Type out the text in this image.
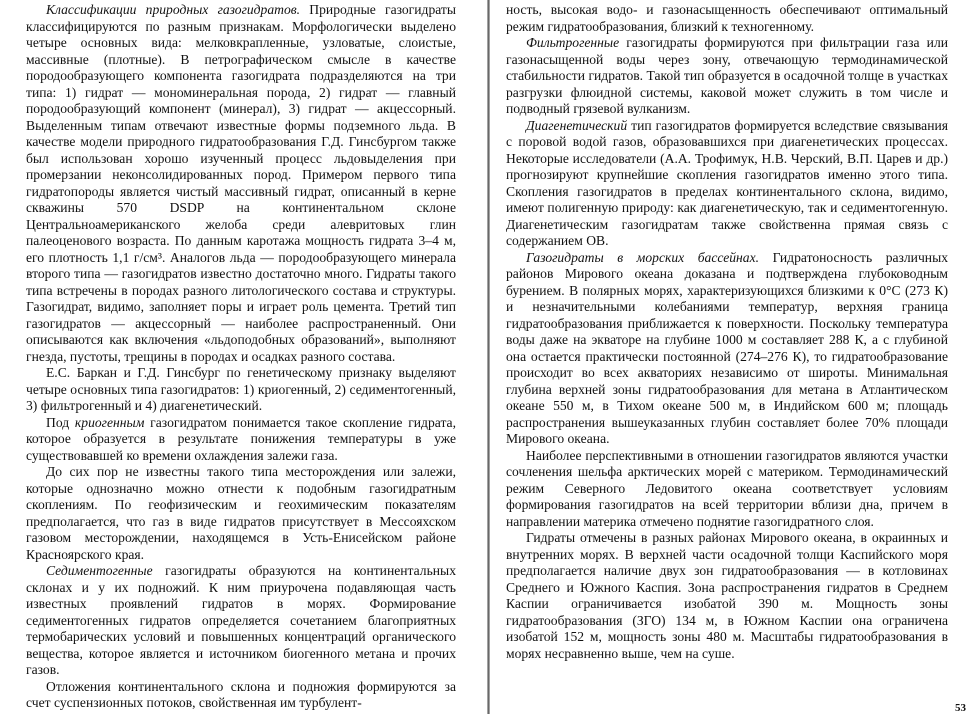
Классификации природных газогидратов. Природные газогидраты классифицируются по разным признакам. Морфологически выделено четыре основных вида: мелковкрапленные, узловатые, слоистые, массивные (плотные). В петрографическом смысле в качестве породообразующего компонента газогидрата подразделяются на три типа: 1) гидрат — мономинеральная порода, 2) гидрат — главный породообразующий компонент (минерал), 3) гидрат — акцессорный. Выделенным типам отвечают известные формы подземного льда. В качестве модели природного гидратообразования Г.Д. Гинсбургом также был использован хорошо изученный процесс льдовыделения при промерзании неконсолидированных пород. Примером первого типа гидратопороды является чистый массивный гидрат, описанный в керне скважины 570 DSDP на континентальном склоне Центральноамериканского желоба среди алевритовых глин палеоценового возраста. По данным каротажа мощность гидрата 3–4 м, его плотность 1,1 г/см³. Аналогов льда — породообразующего минерала второго типа — газогидратов известно достаточно много. Гидраты такого типа встречены в породах разного литологического состава и структуры. Газогидрат, видимо, заполняет поры и играет роль цемента. Третий тип газогидратов — акцессорный — наиболее распространенный. Они описываются как включения «льдоподобных образований», выполняют гнезда, пустоты, трещины в породах и осадках разного состава.

Е.С. Баркан и Г.Д. Гинсбург по генетическому признаку выделяют четыре основных типа газогидратов: 1) криогенный, 2) седиментогенный, 3) фильтрогенный и 4) диагенетический.

Под криогенным газогидратом понимается такое скопление гидрата, которое образуется в результате понижения температуры в уже существовавшей ко времени охлаждения залежи газа.

До сих пор не известны такого типа месторождения или залежи, которые однозначно можно отнести к подобным газогидратным скоплениям. По геофизическим и геохимическим показателям предполагается, что газ в виде гидратов присутствует в Мессояхском газовом месторождении, находящемся в Усть-Енисейском районе Красноярского края.

Седиментогенные газогидраты образуются на континентальных склонах и у их подножий. К ним приурочена подавляющая часть известных проявлений гидратов в морях. Формирование седиментогенных гидратов определяется сочетанием благоприятных термобарических условий и повышенных концентраций органического вещества, которое является и источником биогенного метана и прочих газов.

Отложения континентального склона и подножия формируются за счет суспензионных потоков, свойственная им турбулент-

ность, высокая водо- и газонасыщенность обеспечивают оптимальный режим гидратообразования, близкий к техногенному.

Фильтрогенные газогидраты формируются при фильтрации газа или газонасыщенной воды через зону, отвечающую термодинамической стабильности гидратов. Такой тип образуется в осадочной толще в участках разгрузки флюидной системы, каковой может служить в том числе и подводный грязевой вулканизм.

Диагенетический тип газогидратов формируется вследствие связывания с поровой водой газов, образовавшихся при диагенетических процессах. Некоторые исследователи (А.А. Трофимук, Н.В. Черский, В.П. Царев и др.) прогнозируют крупнейшие скопления газогидратов именно этого типа. Скопления газогидратов в пределах континентального склона, видимо, имеют полигенную природу: как диагенетическую, так и седиментогенную. Диагенетическим газогидратам также свойственна прямая связь с содержанием ОВ.

Газогидраты в морских бассейнах. Гидратоносность различных районов Мирового океана доказана и подтверждена глубоководным бурением. В полярных морях, характеризующихся близкими к 0°С (273 К) и незначительными колебаниями температур, верхняя граница гидратообразования приближается к поверхности. Поскольку температура воды даже на экваторе на глубине 1000 м составляет 288 К, а с глубиной она остается практически постоянной (274–276 К), то гидратообразование происходит во всех акваториях независимо от широты. Минимальная глубина верхней зоны гидратообразования для метана в Атлантическом океане 550 м, в Тихом океане 500 м, в Индийском 600 м; площадь распространения вышеуказанных глубин составляет более 70% площади Мирового океана.

Наиболее перспективными в отношении газогидратов являются участки сочленения шельфа арктических морей с материком. Термодинамический режим Северного Ледовитого океана соответствует условиям формирования газогидратов на всей территории вблизи дна, причем в направлении материка отмечено поднятие газогидратного слоя.

Гидраты отмечены в разных районах Мирового океана, в окраинных и внутренних морях. В верхней части осадочной толщи Каспийского моря предполагается наличие двух зон гидратообразования — в котловинах Среднего и Южного Каспия. Зона распространения гидратов в Среднем Каспии ограничивается изобатой 390 м. Мощность зоны гидратообразования (ЗГО) 134 м, в Южном Каспии она ограничена изобатой 152 м, мощность зоны 480 м. Масштабы гидратообразования в морях несравненно выше, чем на суше.

53
